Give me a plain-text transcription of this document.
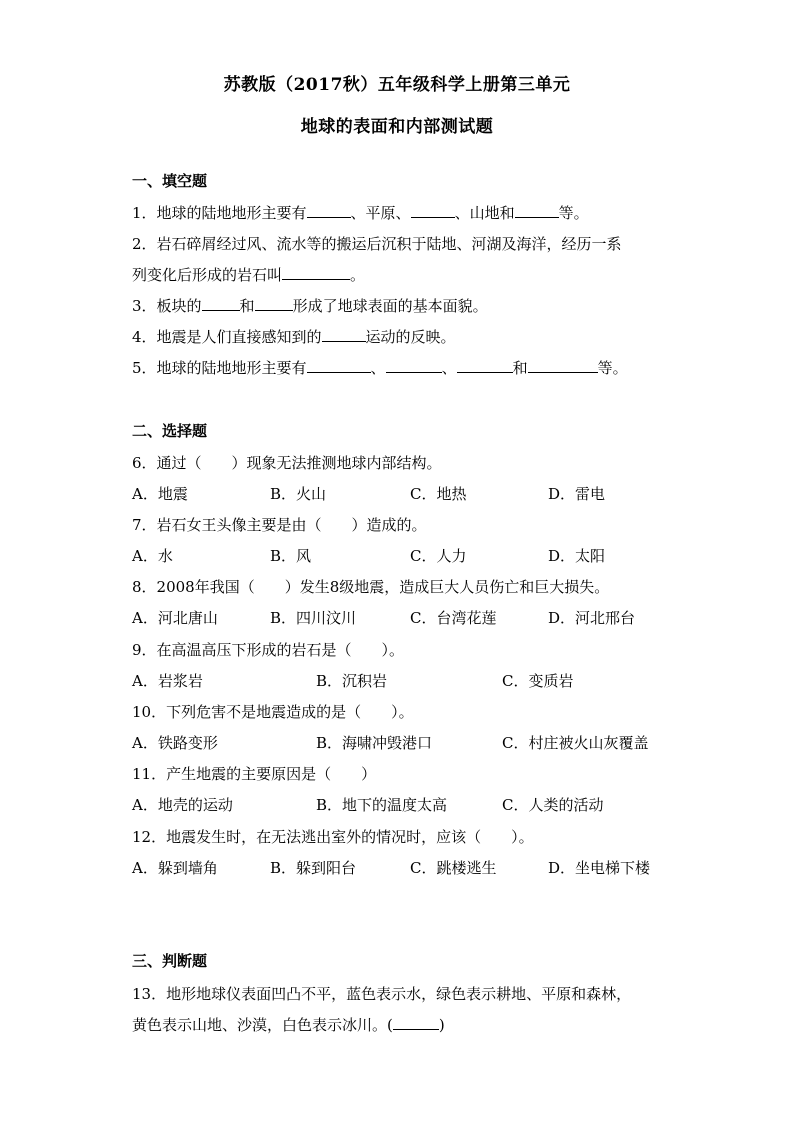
苏教版（2017秋）五年级科学上册第三单元
地球的表面和内部测试题
一、填空题
1．地球的陆地地形主要有	、平原、	、山地和	等。
2．岩石碎屑经过风、流水等的搬运后沉积于陆地、河湖及海洋，经历一系
列变化后形成的岩石叫	。
3．板块的	和	形成了地球表面的基本面貌。
4．地震是人们直接感知到的	运动的反映。
5．地球的陆地地形主要有	、	、	和	等。
二、选择题
6．通过（　　）现象无法推测地球内部结构。
A．地震	B．火山	C．地热	D．雷电
7．岩石女王头像主要是由（　　）造成的。
A．水	B．风	C．人力	D．太阳
8．2008年我国（　　）发生8级地震，造成巨大人员伤亡和巨大损失。
A．河北唐山	B．四川汶川	C．台湾花莲	D．河北邢台
9．在高温高压下形成的岩石是（　　）。
A．岩浆岩	B．沉积岩	C．变质岩
10．下列危害不是地震造成的是（　　）。
A．铁路变形	B．海啸冲毁港口	C．村庄被火山灰覆盖
11．产生地震的主要原因是（　　）
A．地壳的运动	B．地下的温度太高	C．人类的活动
12．地震发生时，在无法逃出室外的情况时，应该（　　）。
A．躲到墙角	B．躲到阳台	C．跳楼逃生	D．坐电梯下楼
三、判断题
13．地形地球仪表面凹凸不平，蓝色表示水，绿色表示耕地、平原和森林，
黄色表示山地、沙漠，白色表示冰川。(	)
